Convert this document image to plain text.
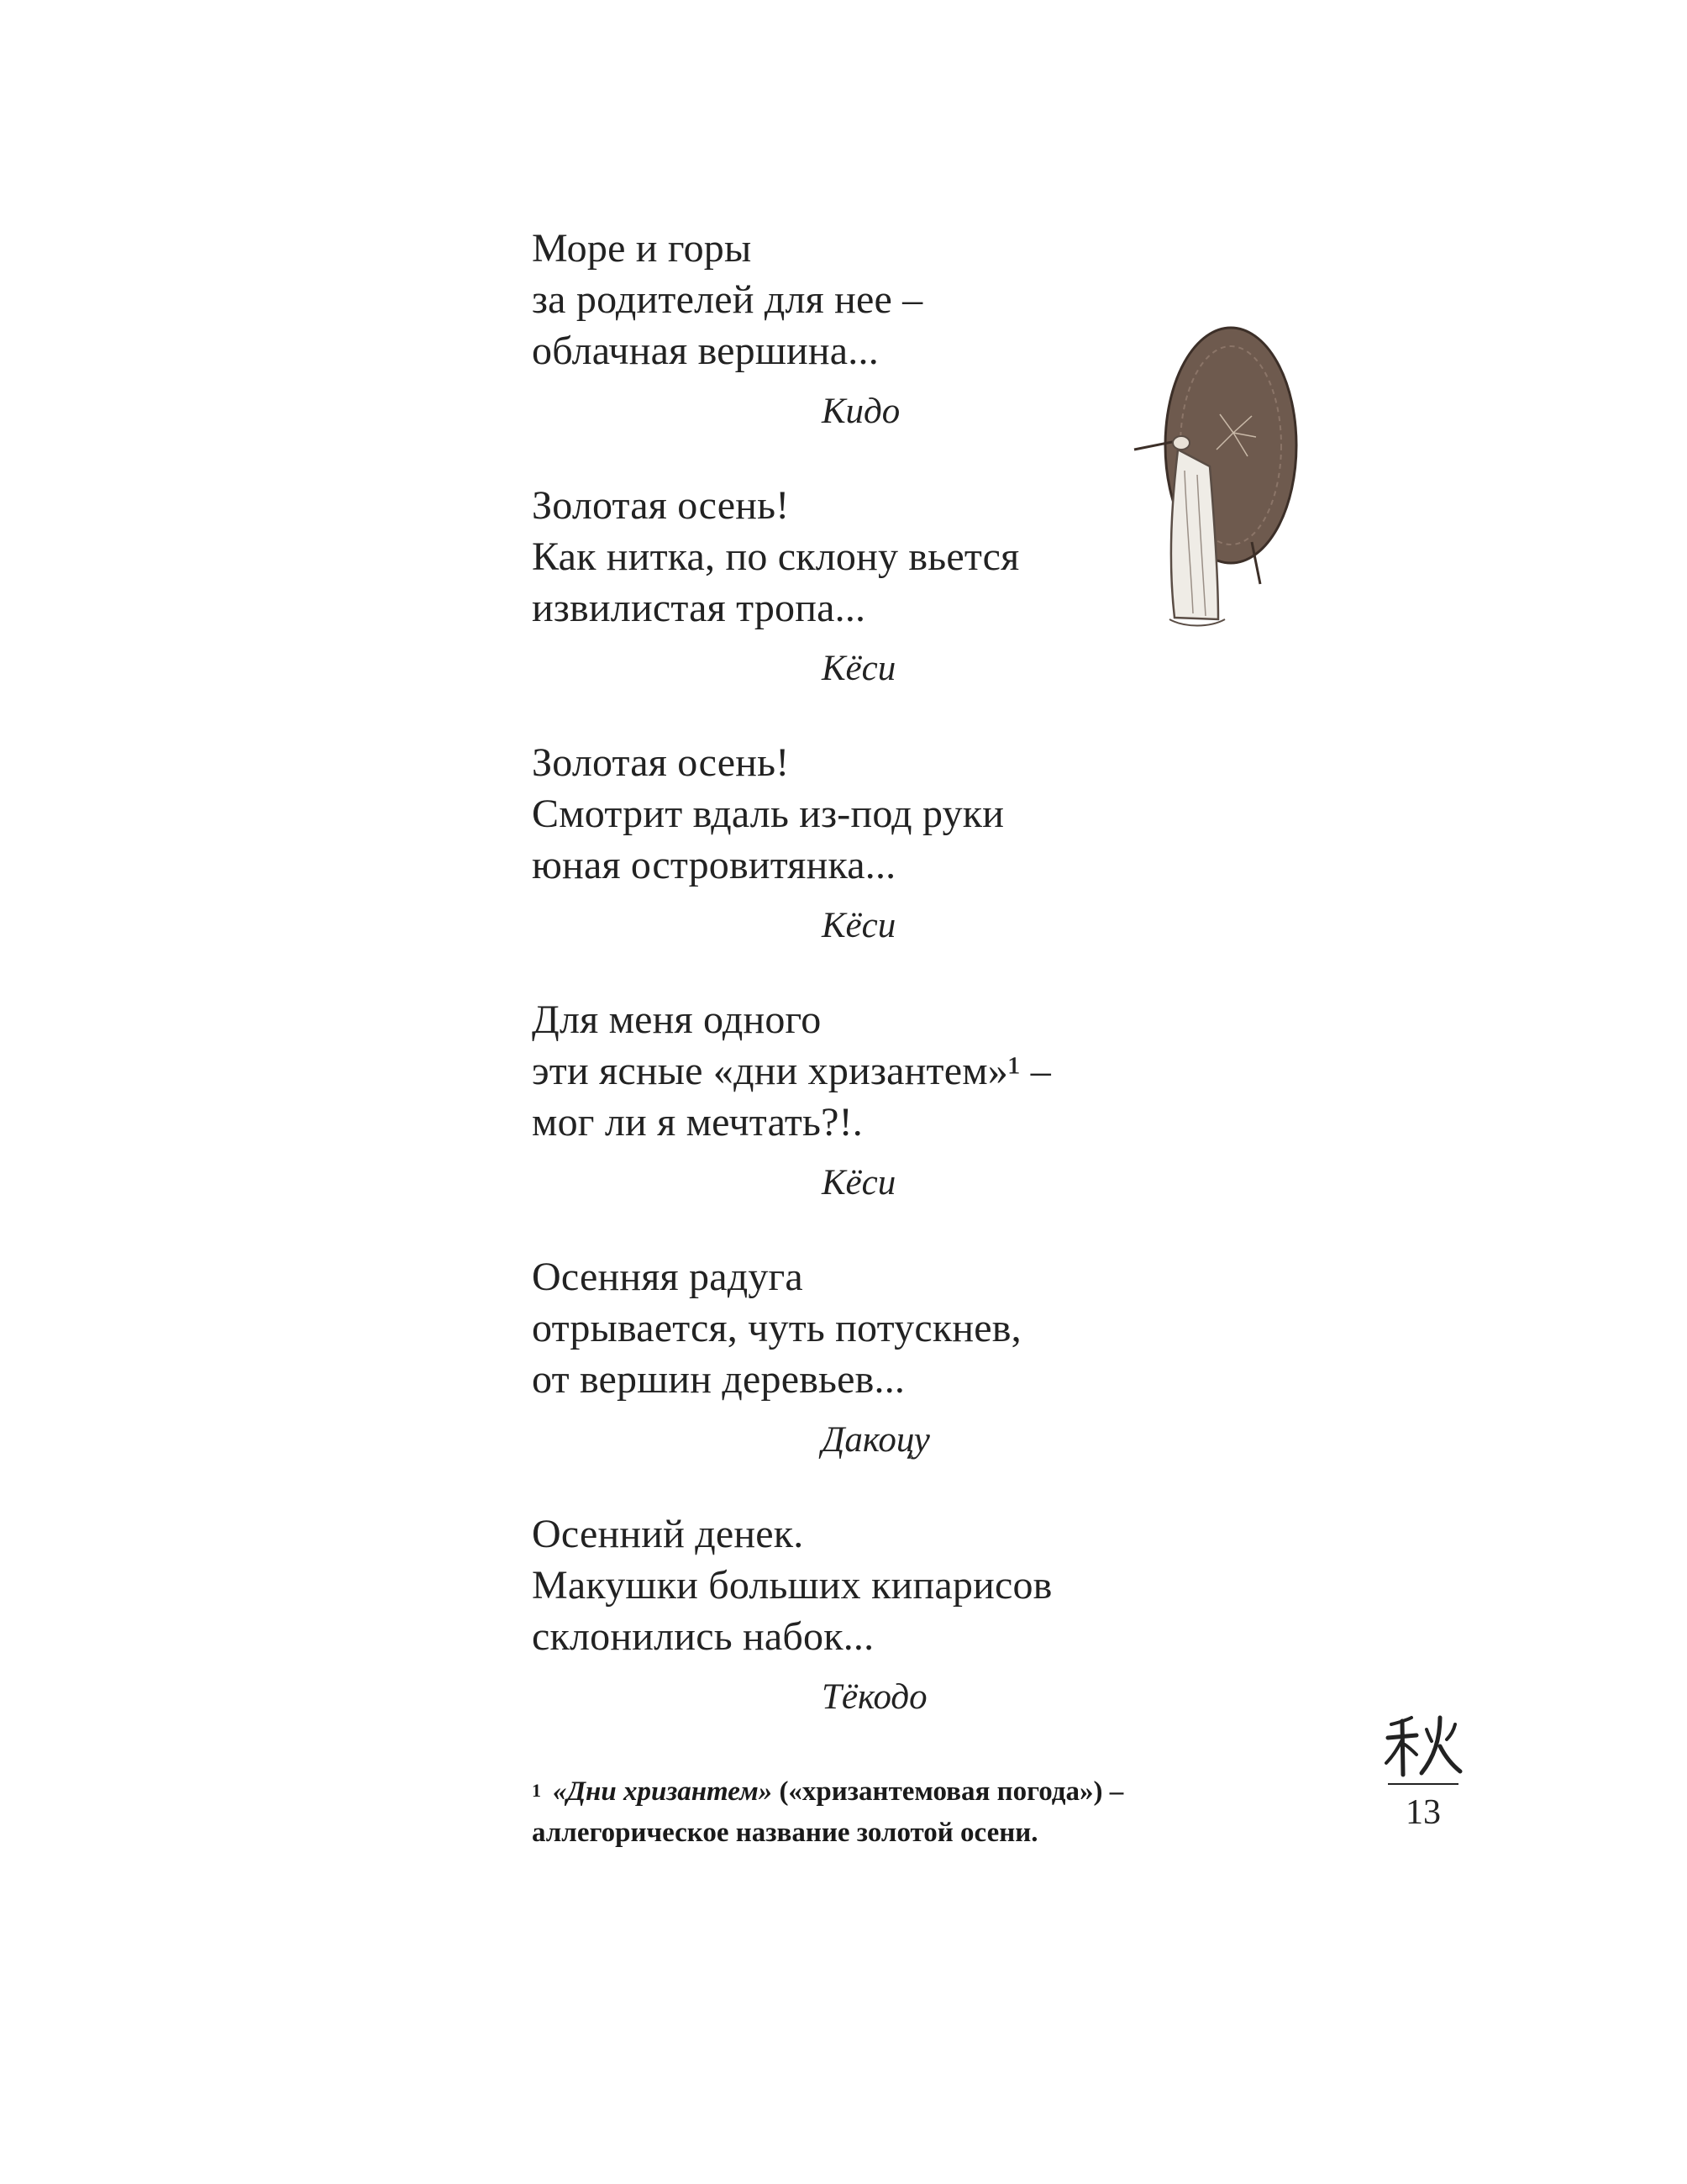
Море и горы
за родителей для нее –
облачная вершина...
Кидо
Золотая осень!
Как нитка, по склону вьется
извилистая тропа...
Кёси
Золотая осень!
Смотрит вдаль из-под руки
юная островитянка...
Кёси
Для меня одного
эти ясные «дни хризантем»¹ –
мог ли я мечтать?!.
Кёси
Осенняя радуга
отрывается, чуть потускнев,
от вершин деревьев...
Дакоцу
Осенний денек.
Макушки больших кипарисов
склонились набок...
Тёкодо
$^1$ «Дни хризантем» («хризантемовая погода») –
аллегорическое название золотой осени.
13
